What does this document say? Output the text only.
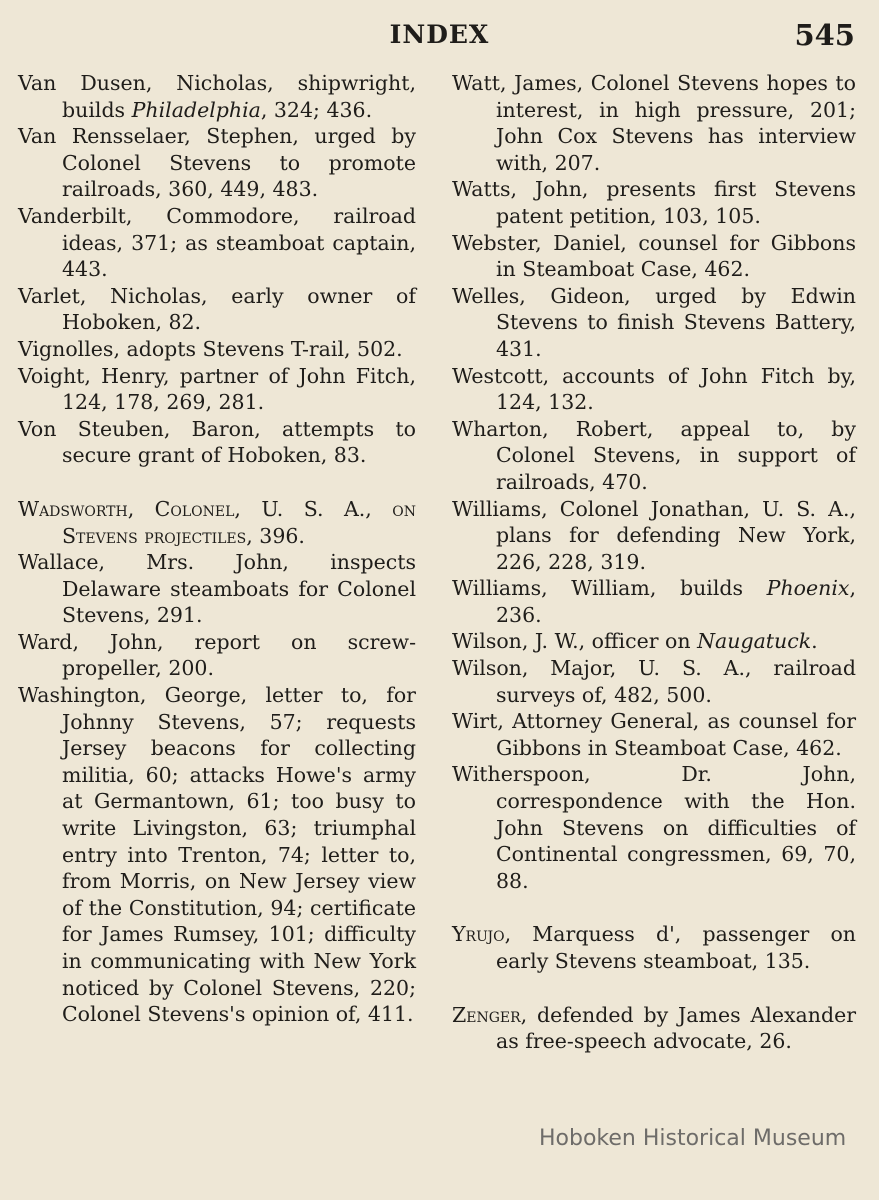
INDEX	545
Van Dusen, Nicholas, shipwright, builds Philadelphia, 324; 436.
Van Rensselaer, Stephen, urged by Colonel Stevens to promote railroads, 360, 449, 483.
Vanderbilt, Commodore, railroad ideas, 371; as steamboat captain, 443.
Varlet, Nicholas, early owner of Hoboken, 82.
Vignolles, adopts Stevens T-rail, 502.
Voight, Henry, partner of John Fitch, 124, 178, 269, 281.
Von Steuben, Baron, attempts to secure grant of Hoboken, 83.
Wadsworth, Colonel, U. S. A., on Stevens projectiles, 396.
Wallace, Mrs. John, inspects Delaware steamboats for Colonel Stevens, 291.
Ward, John, report on screw-propeller, 200.
Washington, George, letter to, for Johnny Stevens, 57; requests Jersey beacons for collecting militia, 60; attacks Howe's army at Germantown, 61; too busy to write Livingston, 63; triumphal entry into Trenton, 74; letter to, from Morris, on New Jersey view of the Constitution, 94; certificate for James Rumsey, 101; difficulty in communicating with New York noticed by Colonel Stevens, 220; Colonel Stevens's opinion of, 411.
Watt, James, Colonel Stevens hopes to interest, in high pressure, 201; John Cox Stevens has interview with, 207.
Watts, John, presents first Stevens patent petition, 103, 105.
Webster, Daniel, counsel for Gibbons in Steamboat Case, 462.
Welles, Gideon, urged by Edwin Stevens to finish Stevens Battery, 431.
Westcott, accounts of John Fitch by, 124, 132.
Wharton, Robert, appeal to, by Colonel Stevens, in support of railroads, 470.
Williams, Colonel Jonathan, U. S. A., plans for defending New York, 226, 228, 319.
Williams, William, builds Phoenix, 236.
Wilson, J. W., officer on Naugatuck.
Wilson, Major, U. S. A., railroad surveys of, 482, 500.
Wirt, Attorney General, as counsel for Gibbons in Steamboat Case, 462.
Witherspoon, Dr. John, correspondence with the Hon. John Stevens on difficulties of Continental congressmen, 69, 70, 88.
Yrujo, Marquess d', passenger on early Stevens steamboat, 135.
Zenger, defended by James Alexander as free-speech advocate, 26.
Hoboken Historical Museum
